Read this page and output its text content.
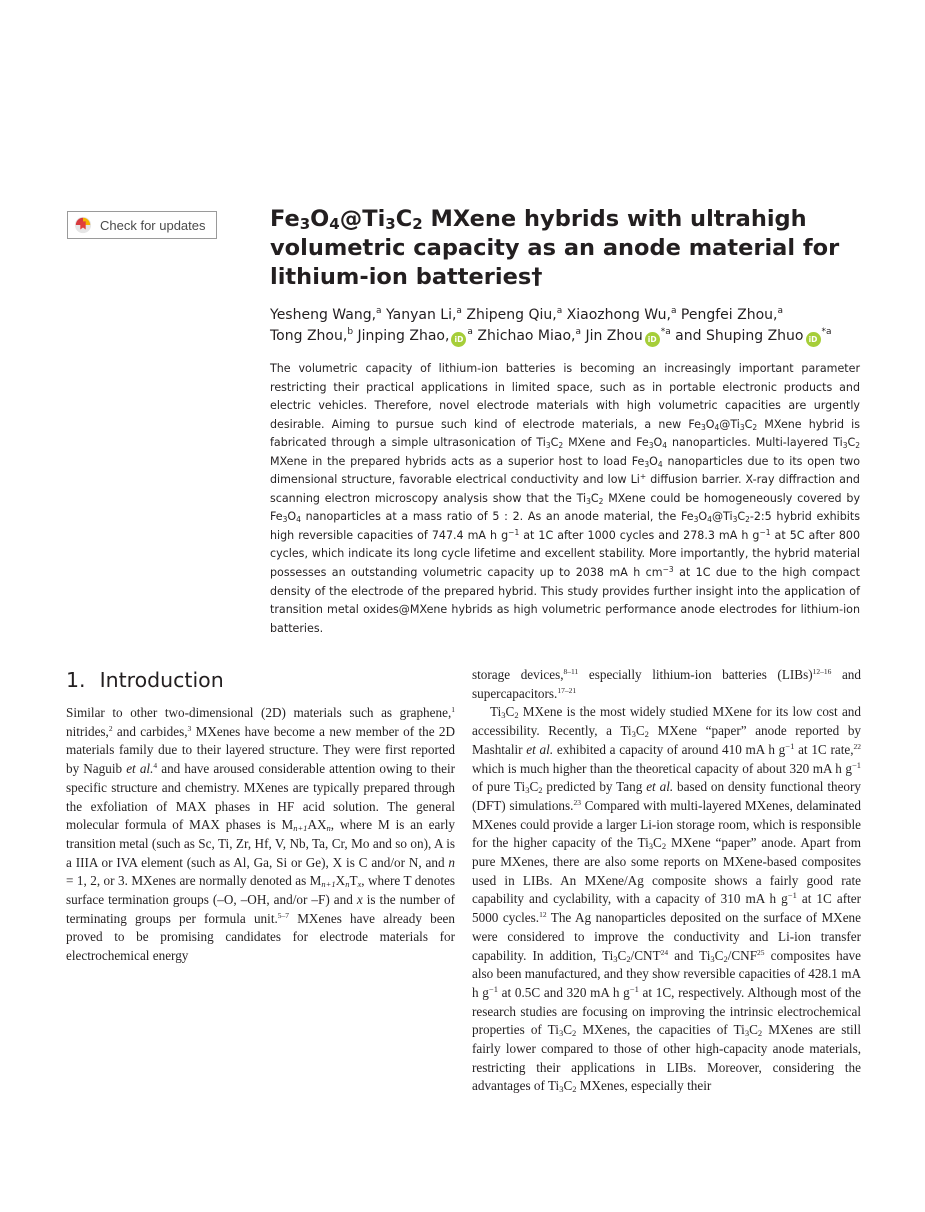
Check for updates	$Fe_3O_4@Ti_3C_2$ MXene hybrids with ultrahigh volumetric capacity as an anode material for lithium-ion batteries†

Yesheng Wang,$^a$ Yanyan Li,$^a$ Zhipeng Qiu,$^a$ Xiaozhong Wu,$^a$ Pengfei Zhou,$^a$
Tong Zhou,$^b$ Jinping Zhao, $iD^a$ Zhichao Miao,$^a$ Jin Zhou $iD^{*a}$ and Shuping Zhuo $iD^{*a}$

The volumetric capacity of lithium-ion batteries is becoming an increasingly important parameter restricting their practical applications in limited space, such as in portable electronic products and electric vehicles. Therefore, novel electrode materials with high volumetric capacities are urgently desirable. Aiming to pursue such kind of electrode materials, a new $Fe_3O_4@Ti_3C_2$ MXene hybrid is fabricated through a simple ultrasonication of $Ti_3C_2$ MXene and $Fe_3O_4$ nanoparticles. Multi-layered $Ti_3C_2$ MXene in the prepared hybrids acts as a superior host to load $Fe_3O_4$ nanoparticles due to its open two dimensional structure, favorable electrical conductivity and low Li+ diffusion barrier. X-ray diffraction and scanning electron microscopy analysis show that the $Ti_3C_2$ MXene could be homogeneously covered by $Fe_3O_4$ nanoparticles at a mass ratio of 5 : 2. As an anode material, the $Fe_3O_4@Ti_3C_2-2:5$ hybrid exhibits high reversible capacities of 747.4 mA h $g^{-1}$ at 1C after 1000 cycles and 278.3 mA h $g^{-1}$ at 5C after 800 cycles, which indicate its long cycle lifetime and excellent stability. More importantly, the hybrid material possesses an outstanding volumetric capacity up to 2038 mA h $cm^{-3}$ at 1C due to the high compact density of the electrode of the prepared hybrid. This study provides further insight into the application of transition metal oxides@MXene hybrids as high volumetric performance anode electrodes for lithium-ion batteries.

1. Introduction

Similar to other two-dimensional (2D) materials such as graphene,$^1$ nitrides,$^2$ and carbides,$^3$ MXenes have become a new member of the 2D materials family due to their layered structure. They were first reported by Naguib et al.$^4$ and have aroused considerable attention owing to their specific structure and chemistry. MXenes are typically prepared through the exfoliation of MAX phases in HF acid solution. The general molecular formula of MAX phases is $M_{n+1}AX_n$, where M is an early transition metal (such as Sc, Ti, Zr, Hf, V, Nb, Ta, Cr, Mo and so on), A is a IIIA or IVA element (such as Al, Ga, Si or Ge), X is C and/or N, and n = 1, 2, or 3. MXenes are normally denoted as $M_{n+1}X_nT_x$, where T denotes surface termination groups (–O, –OH, and/or –F) and x is the number of terminating groups per formula unit.$^{5-7}$ MXenes have already been proved to be promising candidates for electrode materials for electrochemical energy

storage devices,$^{8-11}$ especially lithium-ion batteries (LIBs)$^{12-16}$ and supercapacitors.$^{17-21}$

$Ti_3C_2$ MXene is the most widely studied MXene for its low cost and accessibility. Recently, a $Ti_3C_2$ MXene “paper” anode reported by Mashtalir et al. exhibited a capacity of around 410 mA h $g^{-1}$ at 1C rate,$^{22}$ which is much higher than the theoretical capacity of about 320 mA h $g^{-1}$ of pure $Ti_3C_2$ predicted by Tang et al. based on density functional theory (DFT) simulations.$^{23}$ Compared with multi-layered MXenes, delaminated MXenes could provide a larger Li-ion storage room, which is responsible for the higher capacity of the $Ti_3C_2$ MXene “paper” anode. Apart from pure MXenes, there are also some reports on MXene-based composites used in LIBs. An MXene/Ag composite shows a fairly good rate capability and cyclability, with a capacity of 310 mA h $g^{-1}$ at 1C after 5000 cycles.$^{12}$ The Ag nanoparticles deposited on the surface of MXene were considered to improve the conductivity and Li-ion transfer capability. In addition, $Ti_3C_2/CNT^{24}$ and $Ti_3C_2/CNF^{25}$ composites have also been manufactured, and they show reversible capacities of 428.1 mA h $g^{-1}$ at 0.5C and 320 mA h $g^{-1}$ at 1C, respectively. Although most of the research studies are focusing on improving the intrinsic electrochemical properties of $Ti_3C_2$ MXenes, the capacities of $Ti_3C_2$ MXenes are still fairly lower compared to those of other high-capacity anode materials, restricting their applications in LIBs. Moreover, considering the advantages of $Ti_3C_2$ MXenes, especially their
